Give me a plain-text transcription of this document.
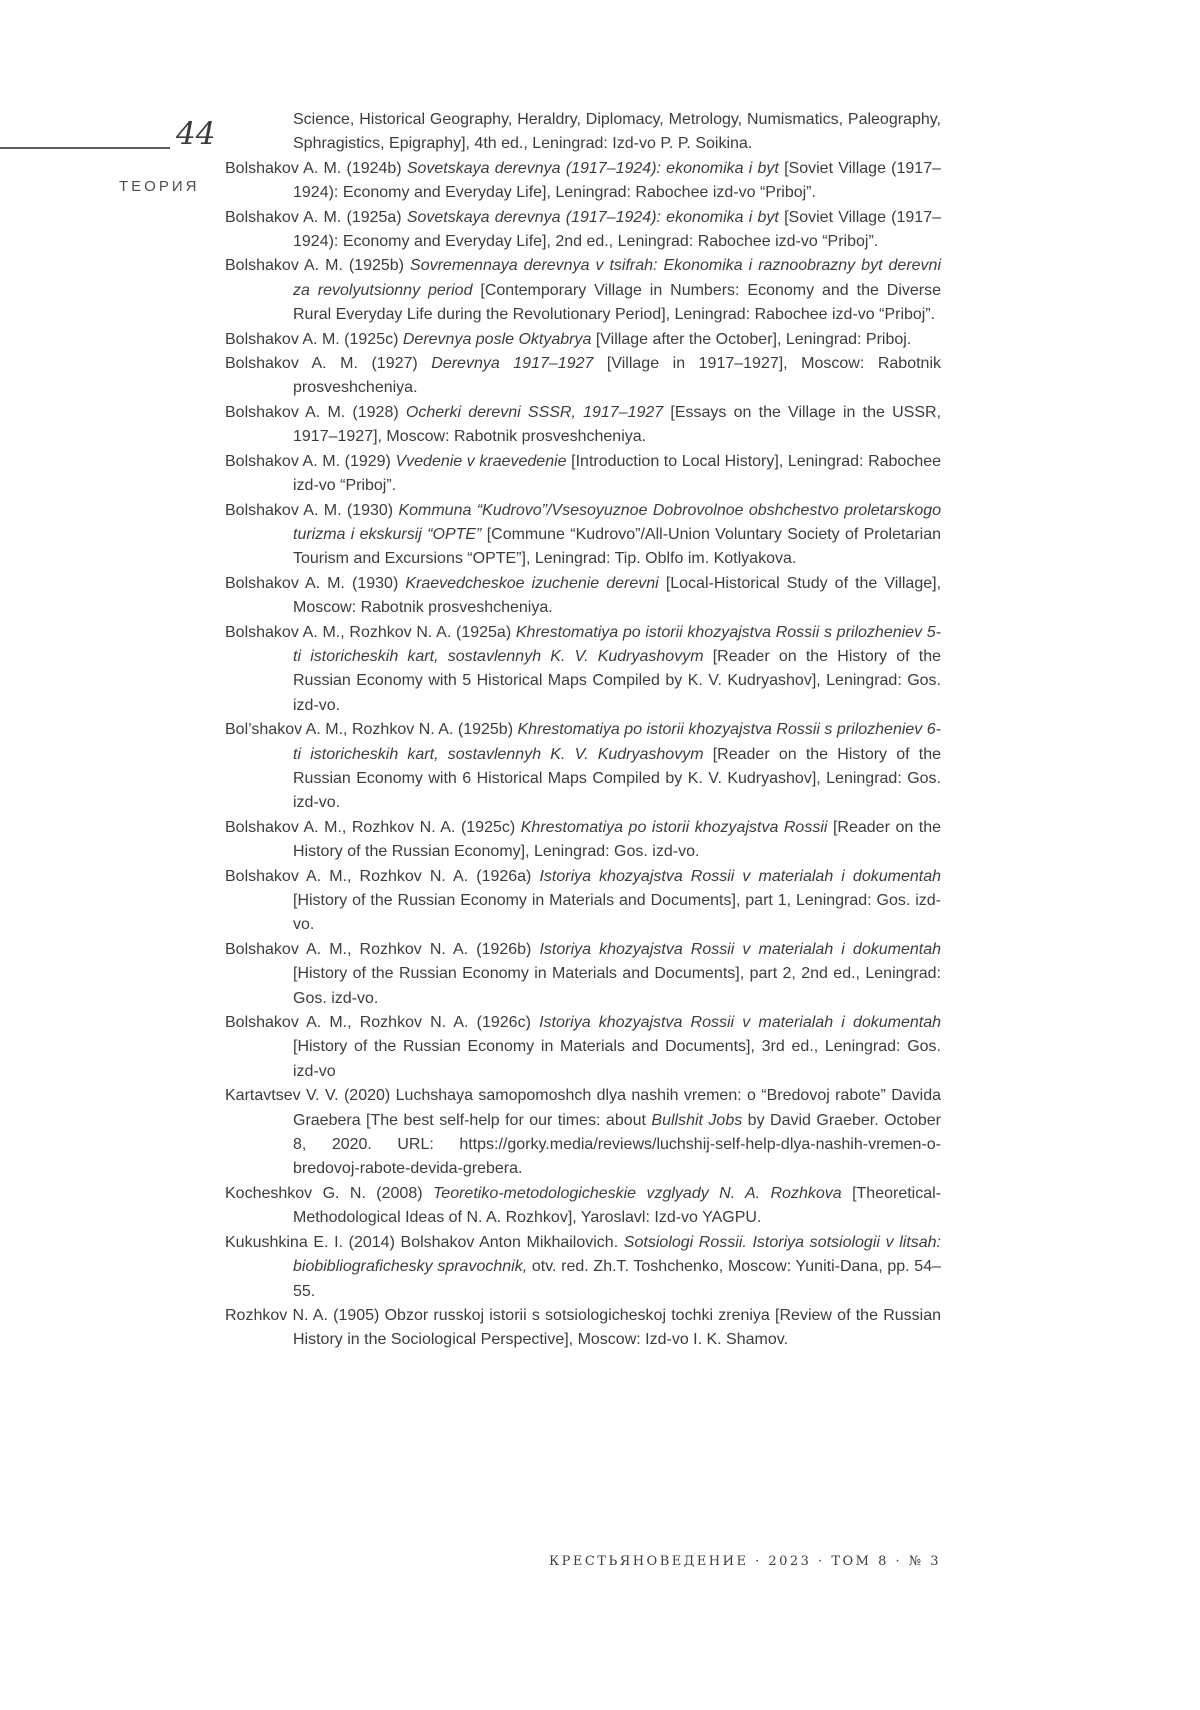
44
ТЕОРИЯ

Science, Historical Geography, Heraldry, Diplomacy, Metrology, Numismatics, Paleography, Sphragistics, Epigraphy], 4th ed., Leningrad: Izd-vo P. P. Soikina.

Bolshakov A. M. (1924b) Sovetskaya derevnya (1917–1924): ekonomika i byt [Soviet Village (1917–1924): Economy and Everyday Life], Leningrad: Rabochee izd-vo “Priboj”.

Bolshakov A. M. (1925a) Sovetskaya derevnya (1917–1924): ekonomika i byt [Soviet Village (1917–1924): Economy and Everyday Life], 2nd ed., Leningrad: Rabochee izd-vo “Priboj”.

Bolshakov A. M. (1925b) Sovremennaya derevnya v tsifrah: Ekonomika i raznoobrazny byt derevni za revolyutsionny period [Contemporary Village in Numbers: Economy and the Diverse Rural Everyday Life during the Revolutionary Period], Leningrad: Rabochee izd-vo “Priboj”.

Bolshakov A. M. (1925c) Derevnya posle Oktyabrya [Village after the October], Leningrad: Priboj.

Bolshakov A. M. (1927) Derevnya 1917–1927 [Village in 1917–1927], Moscow: Rabotnik prosveshcheniya.

Bolshakov A. M. (1928) Ocherki derevni SSSR, 1917–1927 [Essays on the Village in the USSR, 1917–1927], Moscow: Rabotnik prosveshcheniya.

Bolshakov A. M. (1929) Vvedenie v kraevedenie [Introduction to Local History], Leningrad: Rabochee izd-vo “Priboj”.

Bolshakov A. M. (1930) Kommuna “Kudrovo”/Vsesoyuznoe Dobrovolnoe obshchestvo proletarskogo turizma i ekskursij “OPTE” [Commune “Kudrovo”/All-Union Voluntary Society of Proletarian Tourism and Excursions “OPTE”], Leningrad: Tip. Oblfo im. Kotlyakova.

Bolshakov A. M. (1930) Kraevedcheskoe izuchenie derevni [Local-Historical Study of the Village], Moscow: Rabotnik prosveshcheniya.

Bolshakov A. M., Rozhkov N. A. (1925a) Khrestomatiya po istorii khozyajstva Rossii s prilozheniev 5-ti istoricheskih kart, sostavlennyh K. V. Kudryashovym [Reader on the History of the Russian Economy with 5 Historical Maps Compiled by K. V. Kudryashov], Leningrad: Gos. izd-vo.

Bol’shakov A. M., Rozhkov N. A. (1925b) Khrestomatiya po istorii khozyajstva Rossii s prilozheniev 6-ti istoricheskih kart, sostavlennyh K. V. Kudryashovym [Reader on the History of the Russian Economy with 6 Historical Maps Compiled by K. V. Kudryashov], Leningrad: Gos. izd-vo.

Bolshakov A. M., Rozhkov N. A. (1925c) Khrestomatiya po istorii khozyajstva Rossii [Reader on the History of the Russian Economy], Leningrad: Gos. izd-vo.

Bolshakov A. M., Rozhkov N. A. (1926a) Istoriya khozyajstva Rossii v materialah i dokumentah [History of the Russian Economy in Materials and Documents], part 1, Leningrad: Gos. izd-vo.

Bolshakov A. M., Rozhkov N. A. (1926b) Istoriya khozyajstva Rossii v materialah i dokumentah [History of the Russian Economy in Materials and Documents], part 2, 2nd ed., Leningrad: Gos. izd-vo.

Bolshakov A. M., Rozhkov N. A. (1926c) Istoriya khozyajstva Rossii v materialah i dokumentah [History of the Russian Economy in Materials and Documents], 3rd ed., Leningrad: Gos. izd-vo

Kartavtsev V. V. (2020) Luchshaya samopomoshch dlya nashih vremen: o “Bredovoj rabote” Davida Graebera [The best self-help for our times: about Bullshit Jobs by David Graeber. October 8, 2020. URL: https://gorky.media/reviews/luchshij-self-help-dlya-nashih-vremen-o-bredovoj-rabote-devida-grebera.

Kocheshkov G. N. (2008) Teoretiko-metodologicheskie vzglyady N. A. Rozhkova [Theoretical-Methodological Ideas of N. A. Rozhkov], Yaroslavl: Izd-vo YAGPU.

Kukushkina E. I. (2014) Bolshakov Anton Mikhailovich. Sotsiologi Rossii. Istoriya sotsiologii v litsah: biobibliografichesky spravochnik, otv. red. Zh.T. Toshchenko, Moscow: Yuniti-Dana, pp. 54–55.

Rozhkov N. A. (1905) Obzor russkoj istorii s sotsiologicheskoj tochki zreniya [Review of the Russian History in the Sociological Perspective], Moscow: Izd-vo I. K. Shamov.

КРЕСТЬЯНОВЕДЕНИЕ · 2023 · ТОМ 8 · № 3
